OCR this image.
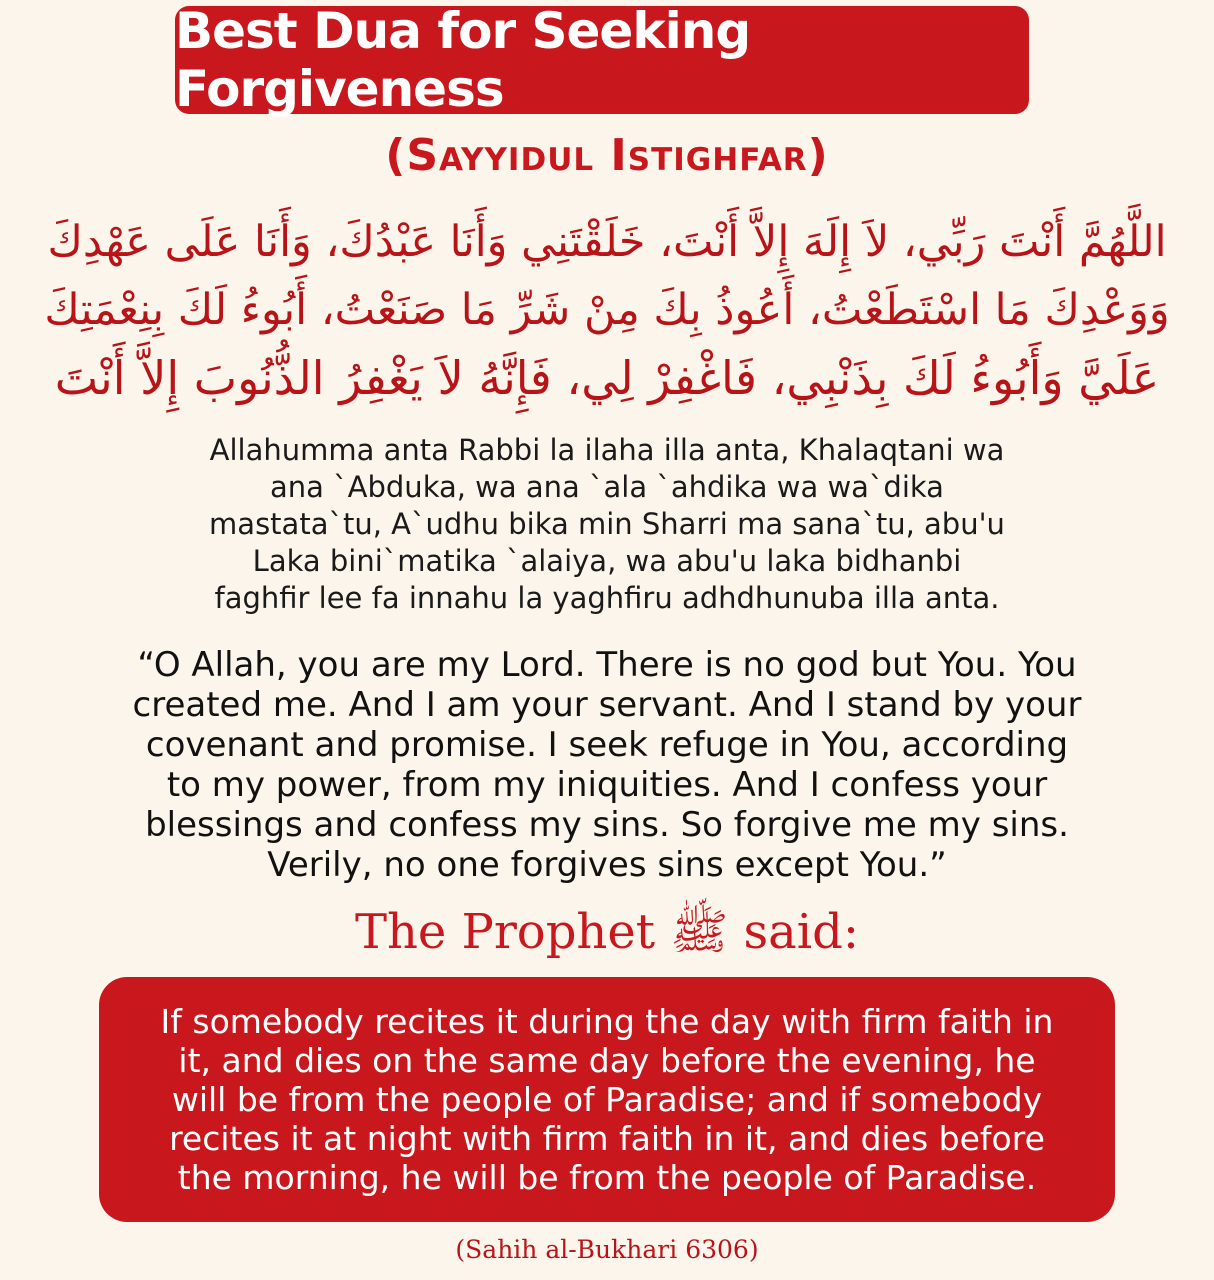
Best Dua for Seeking Forgiveness
(Sayyidul Istighfar)
اللَّهُمَّ أَنْتَ رَبِّي، لاَ إِلَهَ إِلاَّ أَنْتَ، خَلَقْتَنِي وَأَنَا عَبْدُكَ، وَأَنَا عَلَى عَهْدِكَ
وَوَعْدِكَ مَا اسْتَطَعْتُ، أَعُوذُ بِكَ مِنْ شَرِّ مَا صَنَعْتُ، أَبُوءُ لَكَ بِنِعْمَتِكَ
عَلَيَّ وَأَبُوءُ لَكَ بِذَنْبِي، فَاغْفِرْ لِي، فَإِنَّهُ لاَ يَغْفِرُ الذُّنُوبَ إِلاَّ أَنْتَ
Allahumma anta Rabbi la ilaha illa anta, Khalaqtani wa
ana `Abduka, wa ana `ala `ahdika wa wa`dika
mastata`tu, A`udhu bika min Sharri ma sana`tu, abu'u
Laka bini`matika `alaiya, wa abu'u laka bidhanbi
faghfir lee fa innahu la yaghfiru adhdhunuba illa anta.
“O Allah, you are my Lord. There is no god but You. You
created me. And I am your servant. And I stand by your
covenant and promise. I seek refuge in You, according
to my power, from my iniquities. And I confess your
blessings and confess my sins. So forgive me my sins.
Verily, no one forgives sins except You.”
The Prophet ﷺ said:
If somebody recites it during the day with firm faith in
it, and dies on the same day before the evening, he
will be from the people of Paradise; and if somebody
recites it at night with firm faith in it, and dies before
the morning, he will be from the people of Paradise.
(Sahih al-Bukhari 6306)
